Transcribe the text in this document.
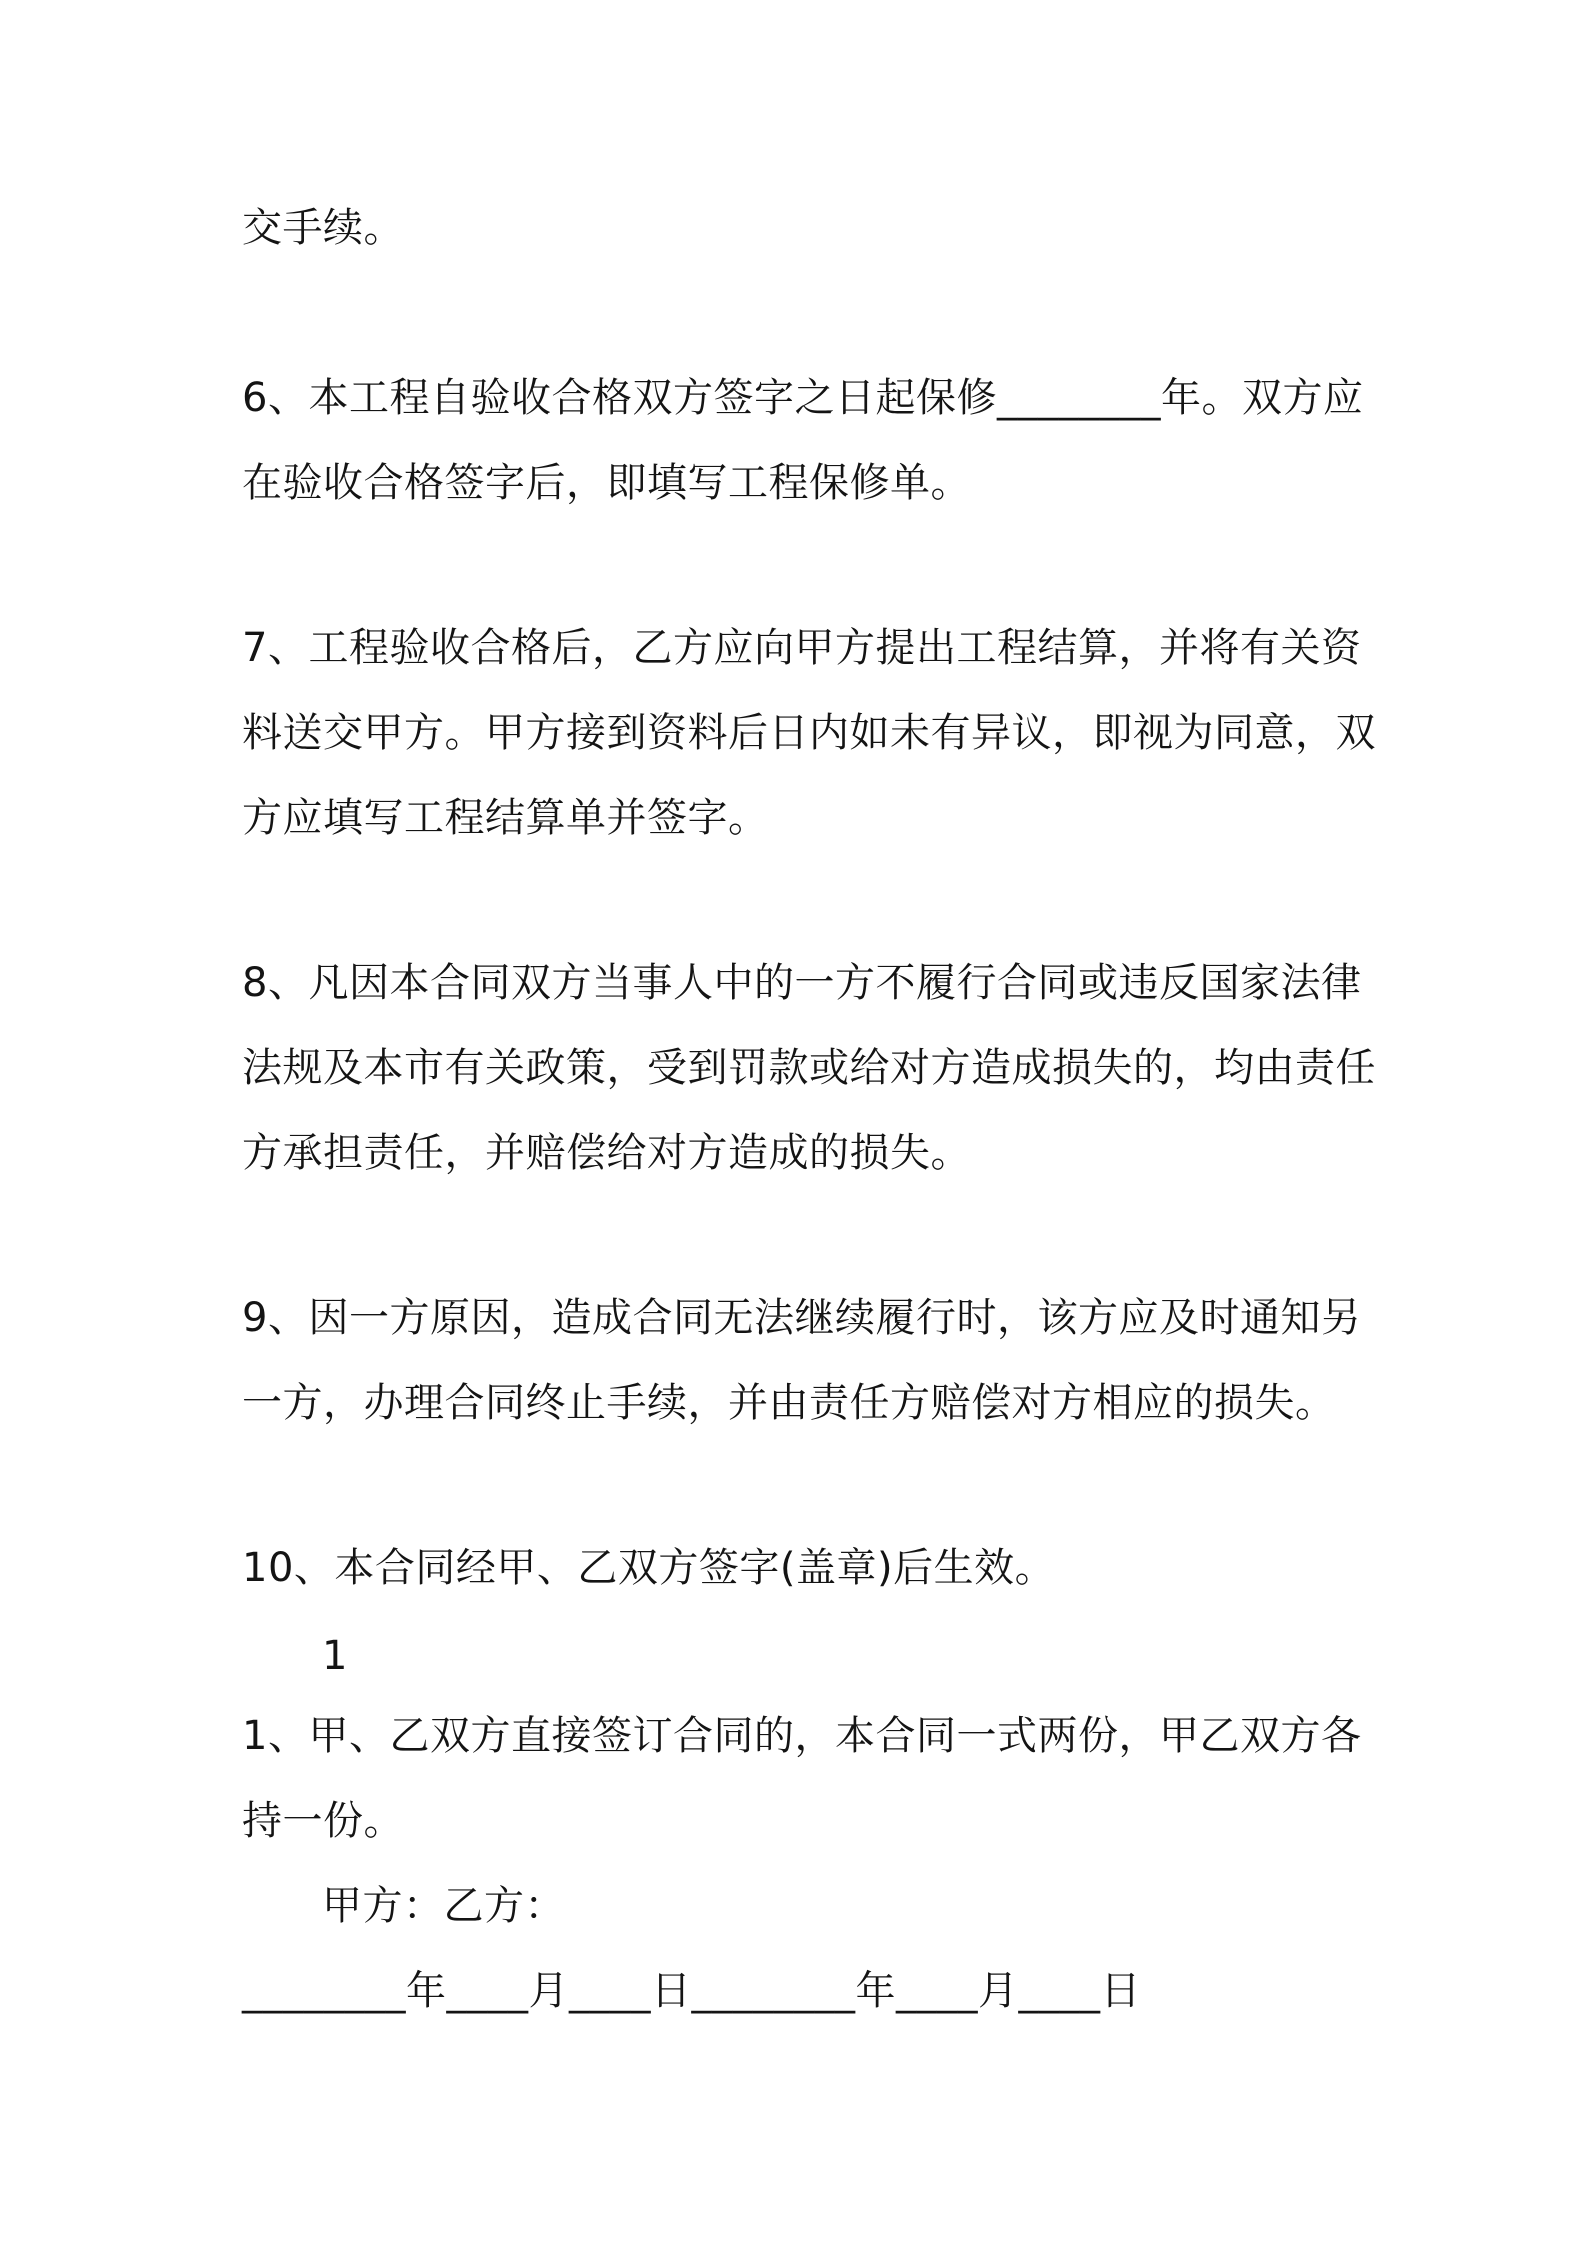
交手续。

6、本工程自验收合格双方签字之日起保修________年。双方应

在验收合格签字后，即填写工程保修单。

7、工程验收合格后，乙方应向甲方提出工程结算，并将有关资

料送交甲方。甲方接到资料后日内如未有异议，即视为同意，双

方应填写工程结算单并签字。

8、凡因本合同双方当事人中的一方不履行合同或违反国家法律

法规及本市有关政策，受到罚款或给对方造成损失的，均由责任

方承担责任，并赔偿给对方造成的损失。

9、因一方原因，造成合同无法继续履行时，该方应及时通知另

一方，办理合同终止手续，并由责任方赔偿对方相应的损失。

10、本合同经甲、乙双方签字(盖章)后生效。

1

1、甲、乙双方直接签订合同的，本合同一式两份，甲乙双方各

持一份。

甲方：乙方：

________年____月____日________年____月____日
